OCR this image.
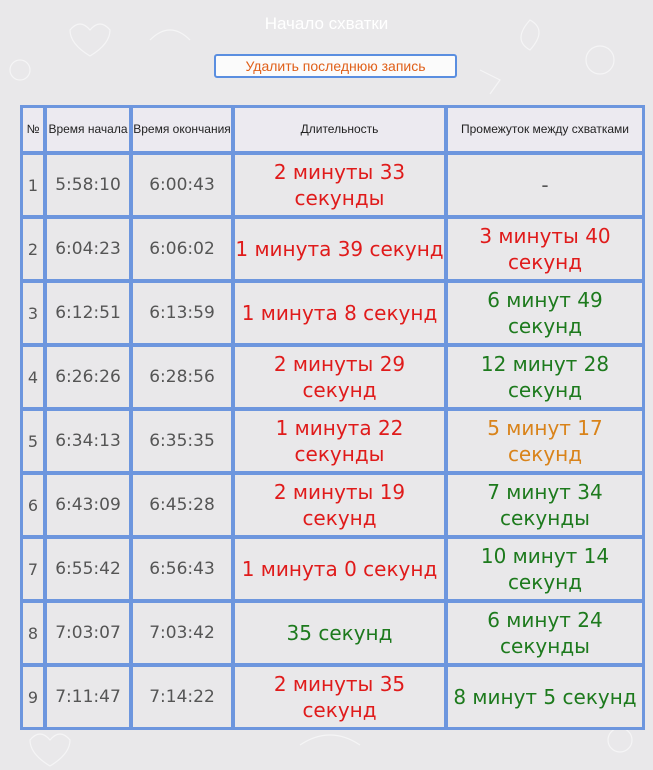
Начало схватки
Удалить последнюю запись
№	Время начала	Время окончания	Длительность	Промежуток между схватками
1	5:58:10	6:00:43	2 минуты 33 секунды	-
2	6:04:23	6:06:02	1 минута 39 секунд	3 минуты 40 секунд
3	6:12:51	6:13:59	1 минута 8 секунд	6 минут 49 секунд
4	6:26:26	6:28:56	2 минуты 29 секунд	12 минут 28 секунд
5	6:34:13	6:35:35	1 минута 22 секунды	5 минут 17 секунд
6	6:43:09	6:45:28	2 минуты 19 секунд	7 минут 34 секунды
7	6:55:42	6:56:43	1 минута 0 секунд	10 минут 14 секунд
8	7:03:07	7:03:42	35 секунд	6 минут 24 секунды
9	7:11:47	7:14:22	2 минуты 35 секунд	8 минут 5 секунд
